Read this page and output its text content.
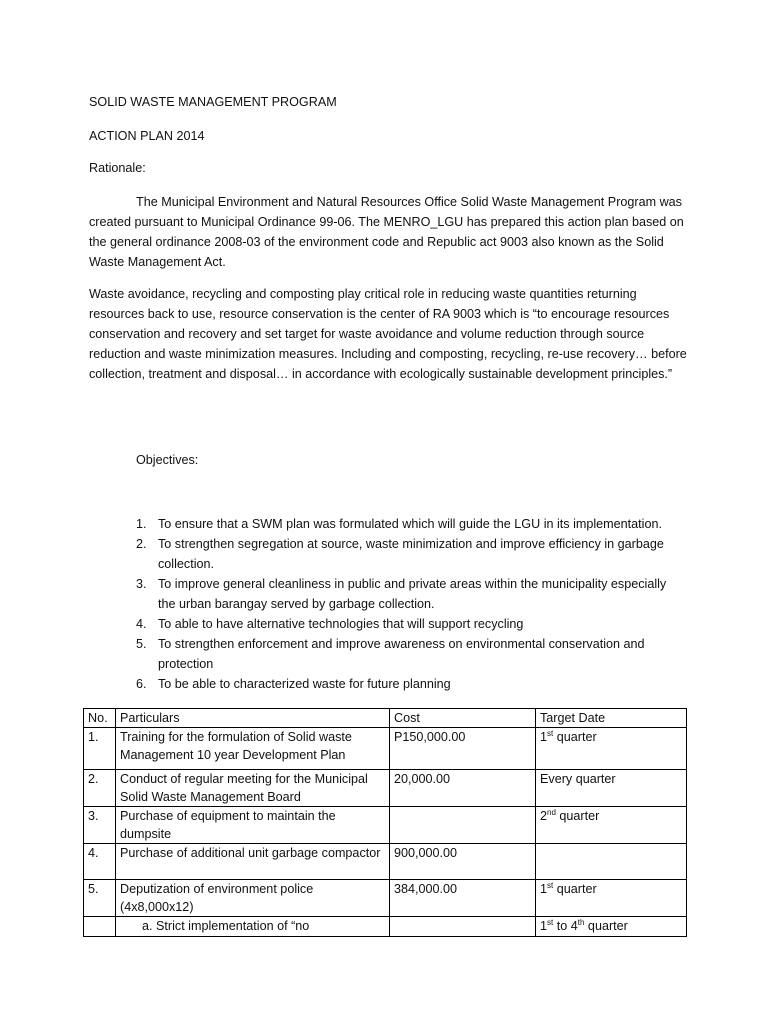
SOLID WASTE MANAGEMENT PROGRAM
ACTION PLAN 2014
Rationale:

The Municipal Environment and Natural Resources Office Solid Waste Management Program was created pursuant to Municipal Ordinance 99-06. The MENRO_LGU has prepared this action plan based on the general ordinance 2008-03 of the environment code and Republic act 9003 also known as the Solid Waste Management Act.

Waste avoidance, recycling and composting play critical role in reducing waste quantities returning resources back to use, resource conservation is the center of RA 9003 which is “to encourage resources conservation and recovery and set target for waste avoidance and volume reduction through source reduction and waste minimization measures. Including and composting, recycling, re-use recovery… before collection, treatment and disposal… in accordance with ecologically sustainable development principles.”

Objectives:
1. To ensure that a SWM plan was formulated which will guide the LGU in its implementation.
2. To strengthen segregation at source, waste minimization and improve efficiency in garbage collection.
3. To improve general cleanliness in public and private areas within the municipality especially the urban barangay served by garbage collection.
4. To able to have alternative technologies that will support recycling
5. To strengthen enforcement and improve awareness on environmental conservation and protection
6. To be able to characterized waste for future planning
No.	Particulars	Cost	Target Date
1.	Training for the formulation of Solid waste Management 10 year Development Plan	P150,000.00	1st quarter
2.	Conduct of regular meeting for the Municipal Solid Waste Management Board	20,000.00	Every quarter
3.	Purchase of equipment to maintain the dumpsite		2nd quarter
4.	Purchase of additional unit garbage compactor	900,000.00	
5.	Deputization of environment police (4x8,000x12)	384,000.00	1st quarter
	a. Strict implementation of “no		1st to 4th quarter
